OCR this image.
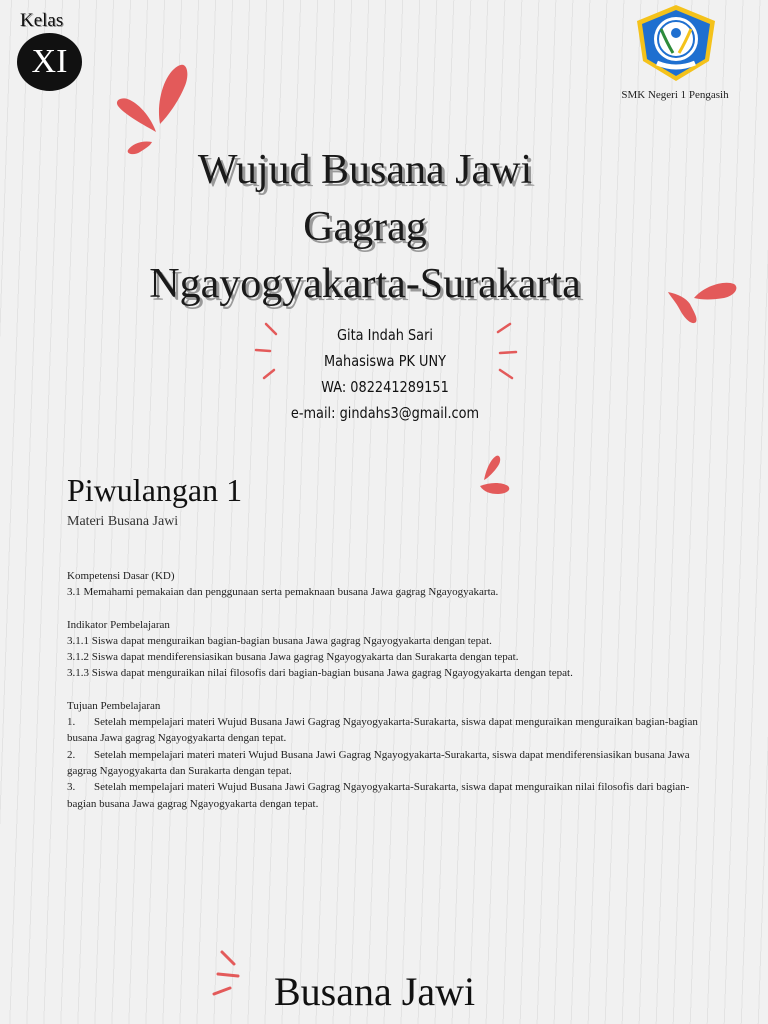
Kelas
XI
SMK Negeri 1 Pengasih
Wujud Busana Jawi
Gagrag
Ngayogyakarta-Surakarta
Gita Indah Sari
Mahasiswa PK UNY
WA: 082241289151
e-mail: gindahs3@gmail.com
Piwulangan 1
Materi Busana Jawi

Kompetensi Dasar (KD)

3.1 Memahami pemakaian dan penggunaan serta pemaknaan busana Jawa gagrag Ngayogyakarta.

Indikator Pembelajaran

3.1.1 Siswa dapat menguraikan bagian-bagian busana Jawa gagrag Ngayogyakarta dengan tepat.

3.1.2 Siswa dapat mendiferensiasikan busana Jawa gagrag Ngayogyakarta dan Surakarta dengan tepat.

3.1.3 Siswa dapat menguraikan nilai filosofis dari bagian-bagian busana Jawa gagrag Ngayogyakarta dengan tepat.

Tujuan Pembelajaran

1. Setelah mempelajari materi Wujud Busana Jawi Gagrag Ngayogyakarta-Surakarta, siswa dapat menguraikan menguraikan bagian-bagian busana Jawa gagrag Ngayogyakarta dengan tepat.

2. Setelah mempelajari materi materi Wujud Busana Jawi Gagrag Ngayogyakarta-Surakarta, siswa dapat mendiferensiasikan busana Jawa gagrag Ngayogyakarta dan Surakarta dengan tepat.

3. Setelah mempelajari materi Wujud Busana Jawi Gagrag Ngayogyakarta-Surakarta, siswa dapat menguraikan nilai filosofis dari bagian-bagian busana Jawa gagrag Ngayogyakarta dengan tepat.

Busana Jawi
